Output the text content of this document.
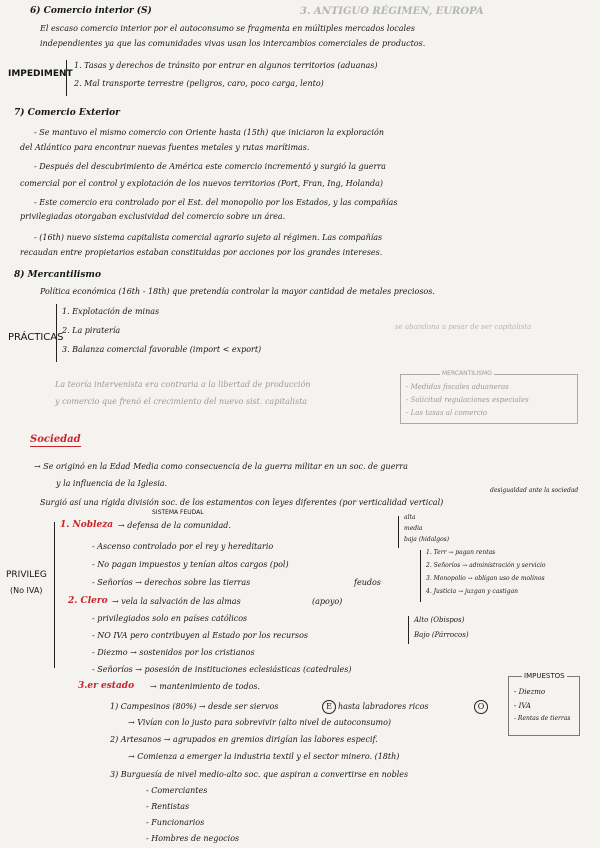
3. ANTIGUO RÉGIMEN, EUROPA
6) Comercio interior (S)
El escaso comercio interior por el autoconsumo se fragmenta en múltiples mercados locales
independientes ya que las comunidades vivas usan los intercambios comerciales de productos.
IMPEDIMENT
1. Tasas y derechos de tránsito por entrar en algunos territorios (aduanas)
2. Mal transporte terrestre (peligros, caro, poco carga, lento)
7) Comercio Exterior
- Se mantuvo el mismo comercio con Oriente hasta (15th) que iniciaron la exploración
del Atlántico para encontrar nuevas fuentes metales y rutas marítimas.
- Después del descubrimiento de América este comercio incrementó y surgió la guerra
comercial por el control y explotación de los nuevos territorios (Port, Fran, Ing, Holanda)
- Este comercio era controlado por el Est. del monopolio por los Estados, y las compañías
privilegiadas otorgaban exclusividad del comercio sobre un área.
- (16th) nuevo sistema capitalista comercial agrario sujeto al régimen. Las compañías
recaudan entre propietarios estaban constituidas por acciones por los grandes intereses.
8) Mercantilismo
Política económica (16th - 18th) que pretendía controlar la mayor cantidad de metales preciosos.
PRÁCTICAS
1. Explotación de minas
2. La piratería
3. Balanza comercial favorable (import < export)
se abandona a pesar de ser capitalista
La teoría intervenista era contraria a la libertad de producción
y comercio que frenó el crecimiento del nuevo sist. capitalista
MERCANTILISMO
- Medidas fiscales aduaneras
- Solicitud regulaciones especiales
- Las tasas al comercio
Sociedad
→ Se originó en la Edad Media como consecuencia de la guerra militar en un soc. de guerra
y la influencia de la Iglesia.
desigualdad ante la sociedad
Surgió así una rígida división soc. de los estamentos con leyes diferentes (por verticalidad vertical)
SISTEMA FEUDAL
1. Nobleza → defensa de la comunidad.
- Ascenso controlado por el rey y hereditario
- No pagan impuestos y tenían altos cargos (pol)
- Señoríos → derechos sobre las tierras	feudos
alta
media
baja (hidalgos)
1. Terr → pagan rentas
2. Señoríos → administración y servicio
3. Monopolio → obligan uso de molinos
4. Justicia → juzgan y castigan
PRIVILEG
(No IVA)
2. Clero → vela la salvación de las almas	(apoyo)
- privilegiados solo en países católicos
- NO IVA pero contribuyen al Estado por los recursos
- Diezmo → sostenidos por los cristianos
- Señoríos → posesión de instituciones eclesiásticas (catedrales)
Alto (Obispos)
Bajo (Párrocos)
3.er estado → mantenimiento de todos.
1) Campesinos (80%) → desde ser siervos	E hasta labradores ricos	O
→ Vivían con lo justo para sobrevivir (alto nivel de autoconsumo)
2) Artesanos → agrupados en gremios dirigían las labores especif.
→ Comienza a emerger la industria textil y el sector minero. (18th)
3) Burguesía de nivel medio-alto soc. que aspiran a convertirse en nobles
- Comerciantes
- Rentistas
- Funcionarios
- Hombres de negocios
IMPUESTOS
- Diezmo
- IVA
- Rentas de tierras
